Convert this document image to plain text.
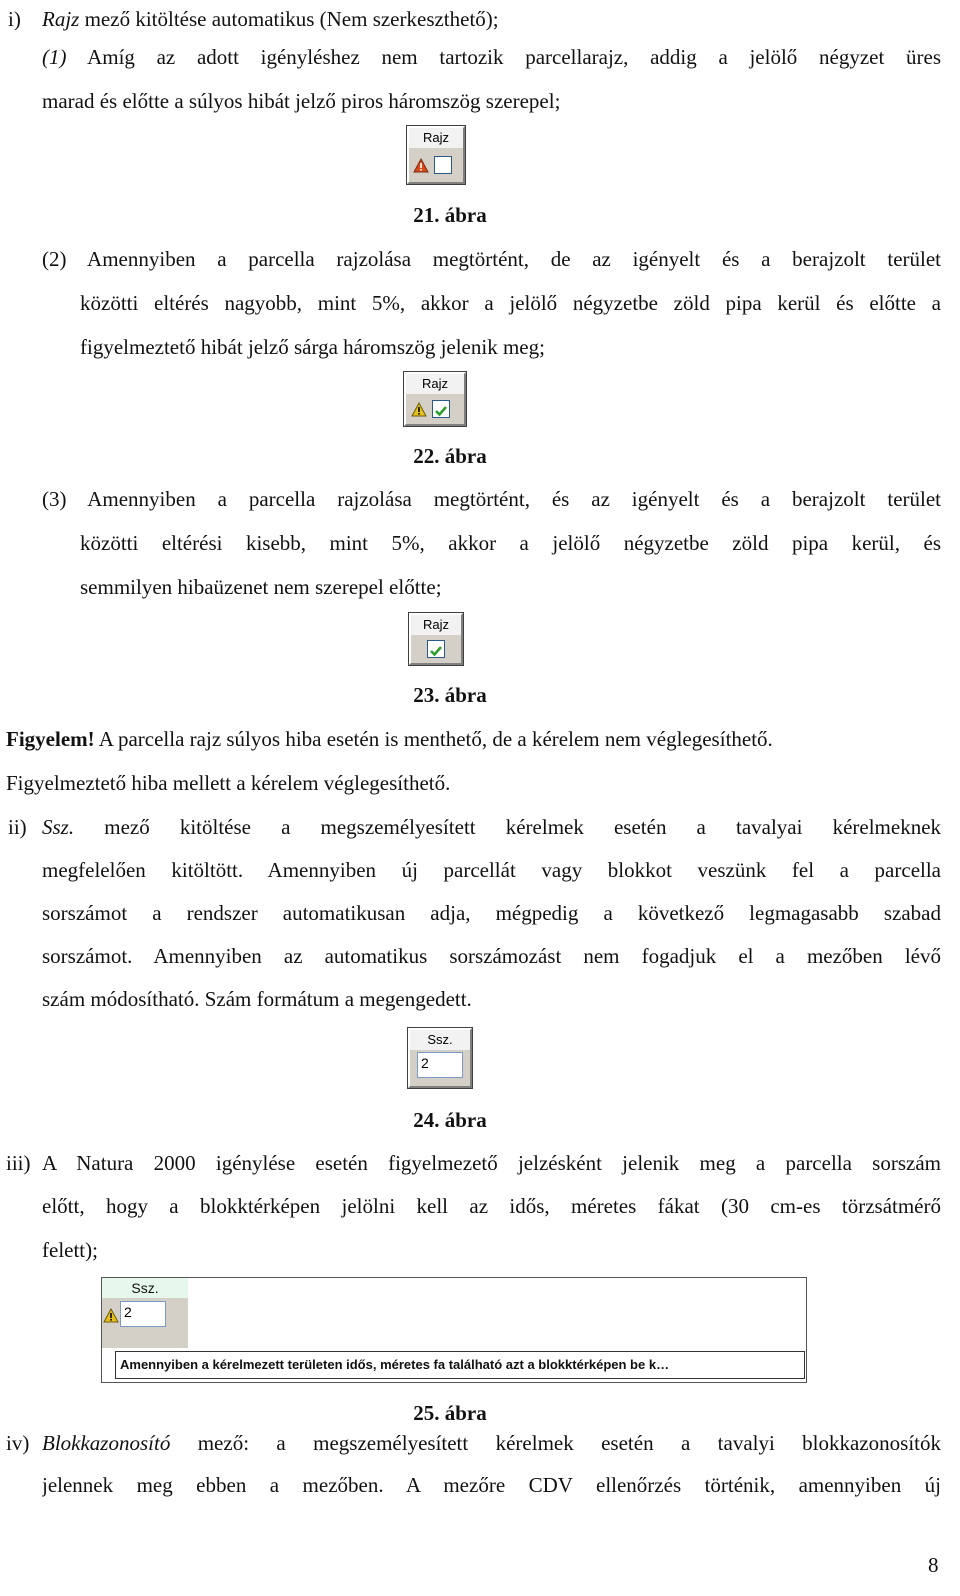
i) Rajz mező kitöltése automatikus (Nem szerkeszthető);
(1) Amíg az adott igényléshez nem tartozik parcellarajz, addig a jelölő négyzet üres
marad és előtte a súlyos hibát jelző piros háromszög szerepel;
Rajz
21. ábra
(2) Amennyiben a parcella rajzolása megtörtént, de az igényelt és a berajzolt terület
közötti eltérés nagyobb, mint 5%, akkor a jelölő négyzetbe zöld pipa kerül és előtte a
figyelmeztető hibát jelző sárga háromszög jelenik meg;
Rajz
22. ábra
(3) Amennyiben a parcella rajzolása megtörtént, és az igényelt és a berajzolt terület
közötti eltérési kisebb, mint 5%, akkor a jelölő négyzetbe zöld pipa kerül, és
semmilyen hibaüzenet nem szerepel előtte;
Rajz
23. ábra
Figyelem! A parcella rajz súlyos hiba esetén is menthető, de a kérelem nem véglegesíthető.
Figyelmeztető hiba mellett a kérelem véglegesíthető.
ii) Ssz. mező kitöltése a megszemélyesített kérelmek esetén a tavalyai kérelmeknek
megfelelően kitöltött. Amennyiben új parcellát vagy blokkot veszünk fel a parcella
sorszámot a rendszer automatikusan adja, mégpedig a következő legmagasabb szabad
sorszámot. Amennyiben az automatikus sorszámozást nem fogadjuk el a mezőben lévő
szám módosítható. Szám formátum a megengedett.
Ssz.
2
24. ábra
iii) A Natura 2000 igénylése esetén figyelmezető jelzésként jelenik meg a parcella sorszám
előtt, hogy a blokktérképen jelölni kell az idős, méretes fákat (30 cm-es törzsátmérő
felett);
Ssz.
2
Amennyiben a kérelmezett területen idős, méretes fa található azt a blokktérképen be k…
25. ábra
iv) Blokkazonosító mező: a megszemélyesített kérelmek esetén a tavalyi blokkazonosítók
jelennek meg ebben a mezőben. A mezőre CDV ellenőrzés történik, amennyiben új
8
